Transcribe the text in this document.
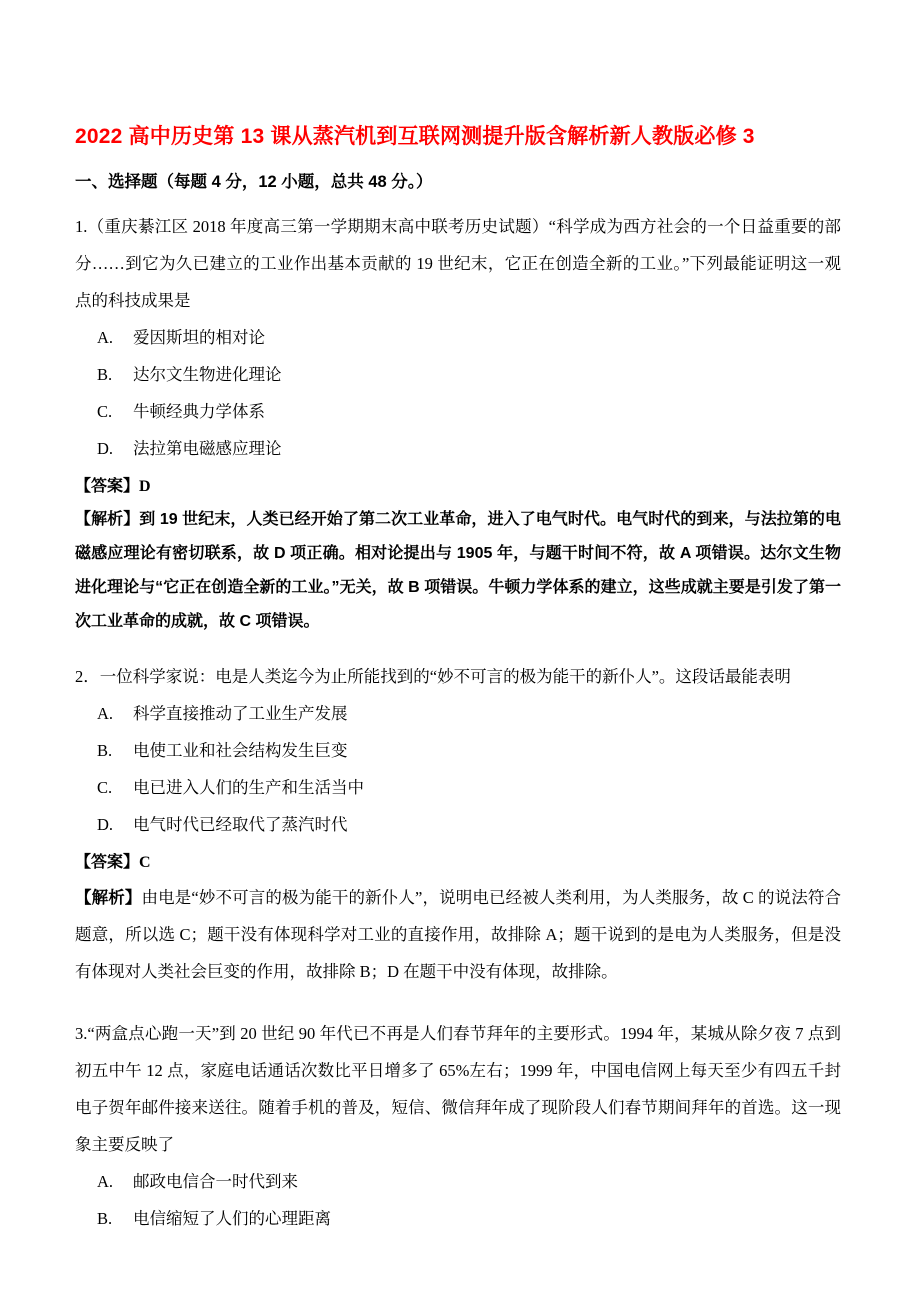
2022 高中历史第 13 课从蒸汽机到互联网测提升版含解析新人教版必修 3
一、选择题（每题 4 分，12 小题，总共 48 分。）

1.（重庆綦江区 2018 年度高三第一学期期末高中联考历史试题）“科学成为西方社会的一个日益重要的部分……到它为久已建立的工业作出基本贡献的 19 世纪末，它正在创造全新的工业。”下列最能证明这一观点的科技成果是

A. 爱因斯坦的相对论
B. 达尔文生物进化理论
C. 牛顿经典力学体系
D. 法拉第电磁感应理论

【答案】D

【解析】到 19 世纪末，人类已经开始了第二次工业革命，进入了电气时代。电气时代的到来，与法拉第的电磁感应理论有密切联系，故 D 项正确。相对论提出与 1905 年，与题干时间不符，故 A 项错误。达尔文生物进化理论与“它正在创造全新的工业。”无关，故 B 项错误。牛顿力学体系的建立，这些成就主要是引发了第一次工业革命的成就，故 C 项错误。

2．一位科学家说：电是人类迄今为止所能找到的“妙不可言的极为能干的新仆人”。这段话最能表明

A. 科学直接推动了工业生产发展
B. 电使工业和社会结构发生巨变
C. 电已进入人们的生产和生活当中
D. 电气时代已经取代了蒸汽时代

【答案】C

【解析】由电是“妙不可言的极为能干的新仆人”，说明电已经被人类利用，为人类服务，故 C 的说法符合题意，所以选 C；题干没有体现科学对工业的直接作用，故排除 A；题干说到的是电为人类服务，但是没有体现对人类社会巨变的作用，故排除 B；D 在题干中没有体现，故排除。

3.“两盒点心跑一天”到 20 世纪 90 年代已不再是人们春节拜年的主要形式。1994 年，某城从除夕夜 7 点到初五中午 12 点，家庭电话通话次数比平日增多了 65%左右；1999 年，中国电信网上每天至少有四五千封电子贺年邮件接来送往。随着手机的普及，短信、微信拜年成了现阶段人们春节期间拜年的首选。这一现象主要反映了

A. 邮政电信合一时代到来
B. 电信缩短了人们的心理距离
